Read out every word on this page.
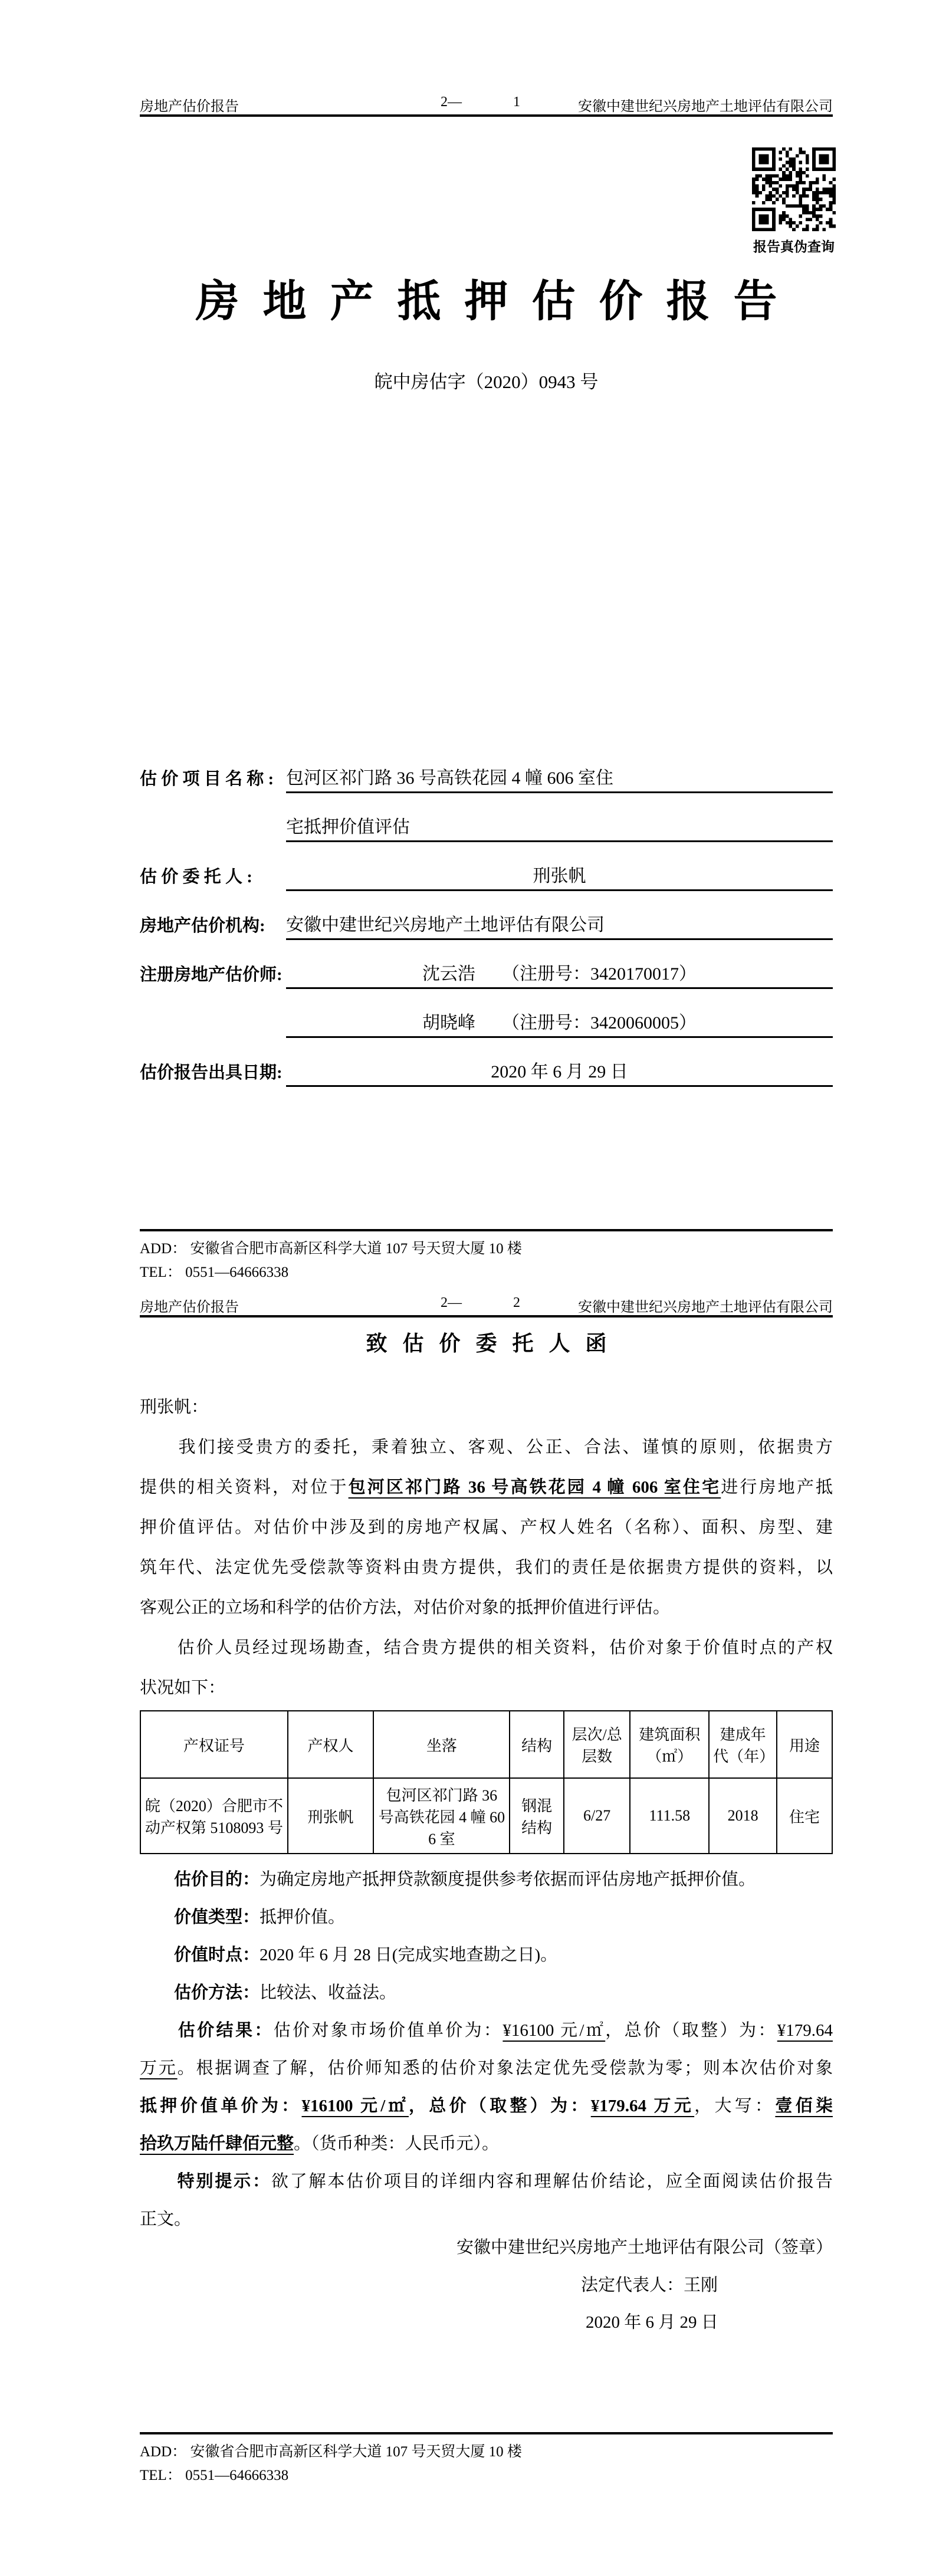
房地产估价报告	2—	1	安徽中建世纪兴房地产土地评估有限公司
报告真伪查询
房地产抵押估价报告
皖中房估字（2020）0943 号
估 价 项 目 名 称 : 包河区祁门路 36 号高铁花园 4 幢 606 室住
宅抵押价值评估
估 价 委 托 人 :	刑张帆
房地产估价机构:	安徽中建世纪兴房地产土地评估有限公司
注册房地产估价师:	沈云浩　　（注册号：3420170017）
胡晓峰　　（注册号：3420060005）
估价报告出具日期:	2020 年 6 月 29 日
ADD： 安徽省合肥市高新区科学大道 107 号天贸大厦 10 楼
TEL： 0551—64666338
房地产估价报告	2—	2	安徽中建世纪兴房地产土地评估有限公司
致估价委托人函
刑张帆：
　　我们接受贵方的委托，秉着独立、客观、公正、合法、谨慎的原则，依据贵方
提供的相关资料，对位于包河区祁门路 36 号高铁花园 4 幢 606 室住宅进行房地产抵
押价值评估。对估价中涉及到的房地产权属、产权人姓名（名称）、面积、房型、建
筑年代、法定优先受偿款等资料由贵方提供，我们的责任是依据贵方提供的资料，以
客观公正的立场和科学的估价方法，对估价对象的抵押价值进行评估。
　　估价人员经过现场勘查，结合贵方提供的相关资料，估价对象于价值时点的产权
状况如下：
产权证号	产权人	坐落	结构	层次/总层数	建筑面积（㎡）	建成年代（年）	用途
皖（2020）合肥市不动产权第 5108093 号	刑张帆	包河区祁门路 36 号高铁花园 4 幢 606 室	钢混结构	6/27	111.58	2018	住宅
　　估价目的：为确定房地产抵押贷款额度提供参考依据而评估房地产抵押价值。
　　价值类型：抵押价值。
　　价值时点：2020 年 6 月 28 日(完成实地查勘之日)。
　　估价方法：比较法、收益法。
　　估价结果：估价对象市场价值单价为：¥16100 元/㎡，总价（取整）为：¥179.64
万元。根据调查了解，估价师知悉的估价对象法定优先受偿款为零；则本次估价对象
抵押价值单价为：¥16100 元/㎡，总价（取整）为：¥179.64 万元，大写：壹佰柒
拾玖万陆仟肆佰元整。（货币种类：人民币元）。
　　特别提示：欲了解本估价项目的详细内容和理解估价结论，应全面阅读估价报告
正文。
安徽中建世纪兴房地产土地评估有限公司（签章）
法定代表人：王刚
2020 年 6 月 29 日
ADD： 安徽省合肥市高新区科学大道 107 号天贸大厦 10 楼
TEL： 0551—64666338
